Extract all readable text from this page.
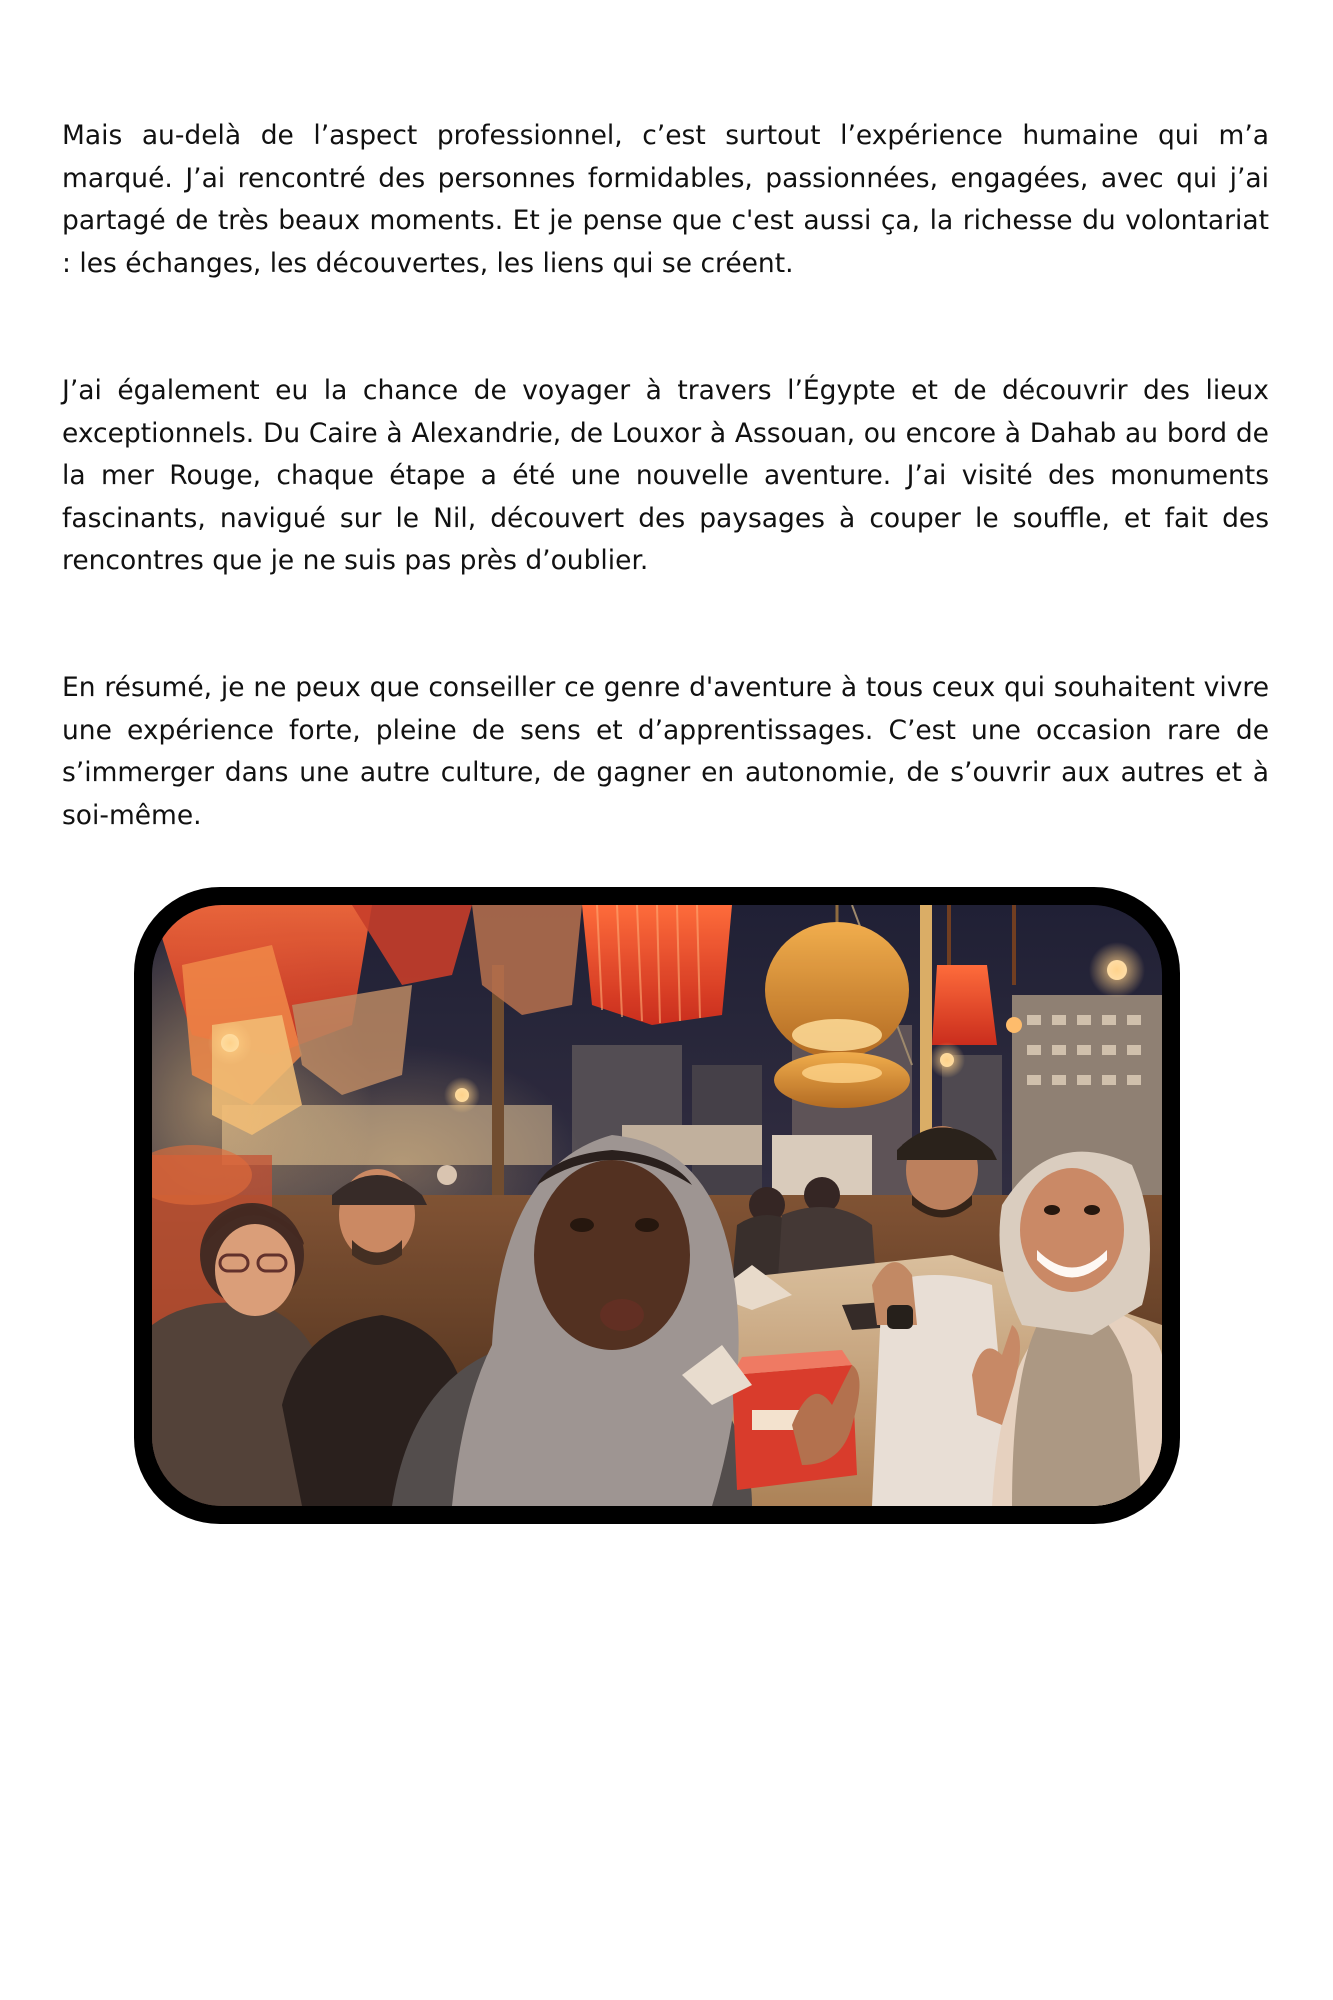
Mais au-delà de l’aspect professionnel, c’est surtout l’expérience humaine qui m’a marqué. J’ai rencontré des personnes formidables, passionnées, engagées, avec qui j’ai partagé de très beaux moments. Et je pense que c'est aussi ça, la richesse du volontariat : les échanges, les découvertes, les liens qui se créent.

J’ai également eu la chance de voyager à travers l’Égypte et de découvrir des lieux exceptionnels. Du Caire à Alexandrie, de Louxor à Assouan, ou encore à Dahab au bord de la mer Rouge, chaque étape a été une nouvelle aventure. J’ai visité des monuments fascinants, navigué sur le Nil, découvert des paysages à couper le souffle, et fait des rencontres que je ne suis pas près d’oublier.

En résumé, je ne peux que conseiller ce genre d'aventure à tous ceux qui souhaitent vivre une expérience forte, pleine de sens et d’apprentissages. C’est une occasion rare de s’immerger dans une autre culture, de gagner en autonomie, de s’ouvrir aux autres et à soi-même.
